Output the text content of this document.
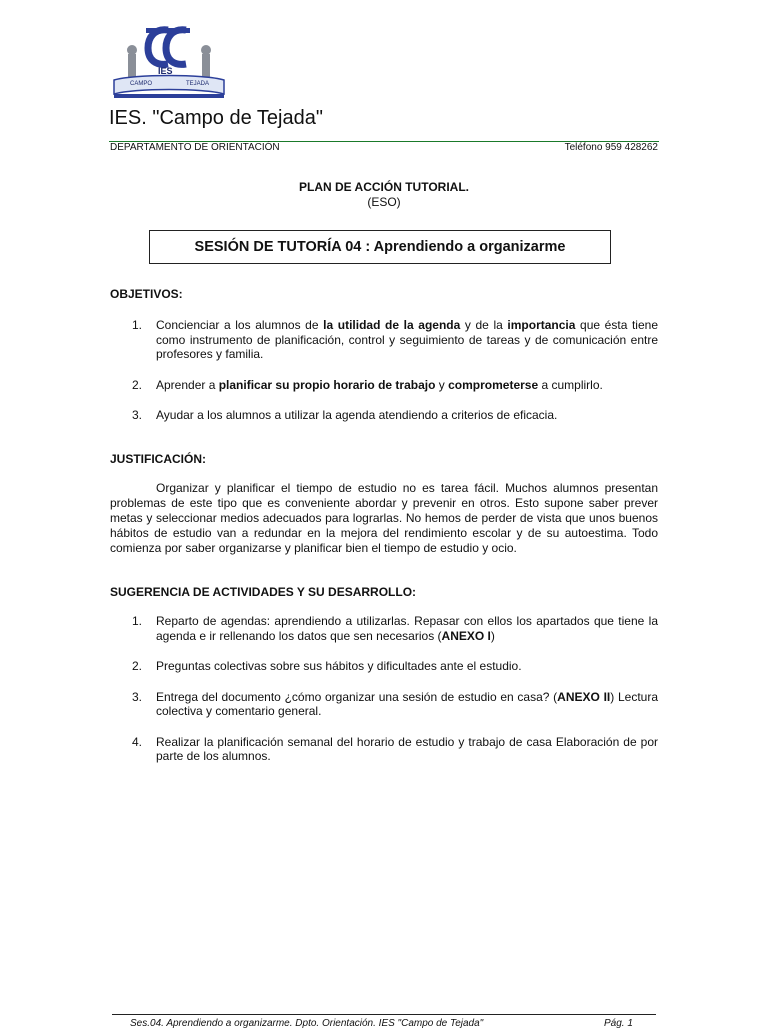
IES
CAMPO	TEJADA
IES. "Campo de Tejada"
DEPARTAMENTO DE ORIENTACIÓN	Teléfono 959 428262
PLAN DE ACCIÓN TUTORIAL.
(ESO)
SESIÓN DE TUTORÍA 04 : Aprendiendo a organizarme
OBJETIVOS:
1. Concienciar a los alumnos de la utilidad de la agenda y de la importancia que ésta tiene como instrumento de planificación, control y seguimiento de tareas y de comunicación entre profesores y familia.
2. Aprender a planificar su propio horario de trabajo y comprometerse a cumplirlo.
3. Ayudar a los alumnos a utilizar la agenda atendiendo a criterios de eficacia.
JUSTIFICACIÓN:
Organizar y planificar el tiempo de estudio no es tarea fácil. Muchos alumnos presentan problemas de este tipo que es conveniente abordar y prevenir en otros. Esto supone saber prever metas y seleccionar medios adecuados para lograrlas. No hemos de perder de vista que unos buenos hábitos de estudio van a redundar en la mejora del rendimiento escolar y de su autoestima. Todo comienza por saber organizarse y planificar bien el tiempo de estudio y ocio.
SUGERENCIA DE ACTIVIDADES Y SU DESARROLLO:
1. Reparto de agendas: aprendiendo a utilizarlas. Repasar con ellos los apartados que tiene la agenda e ir rellenando los datos que sen necesarios (ANEXO I)
2. Preguntas colectivas sobre sus hábitos y dificultades ante el estudio.
3. Entrega del documento ¿cómo organizar una sesión de estudio en casa? (ANEXO II) Lectura colectiva y comentario general.
4. Realizar la planificación semanal del horario de estudio y trabajo de casa Elaboración de por parte de los alumnos.
Ses.04. Aprendiendo a organizarme. Dpto. Orientación. IES "Campo de Tejada"	Pág. 1
